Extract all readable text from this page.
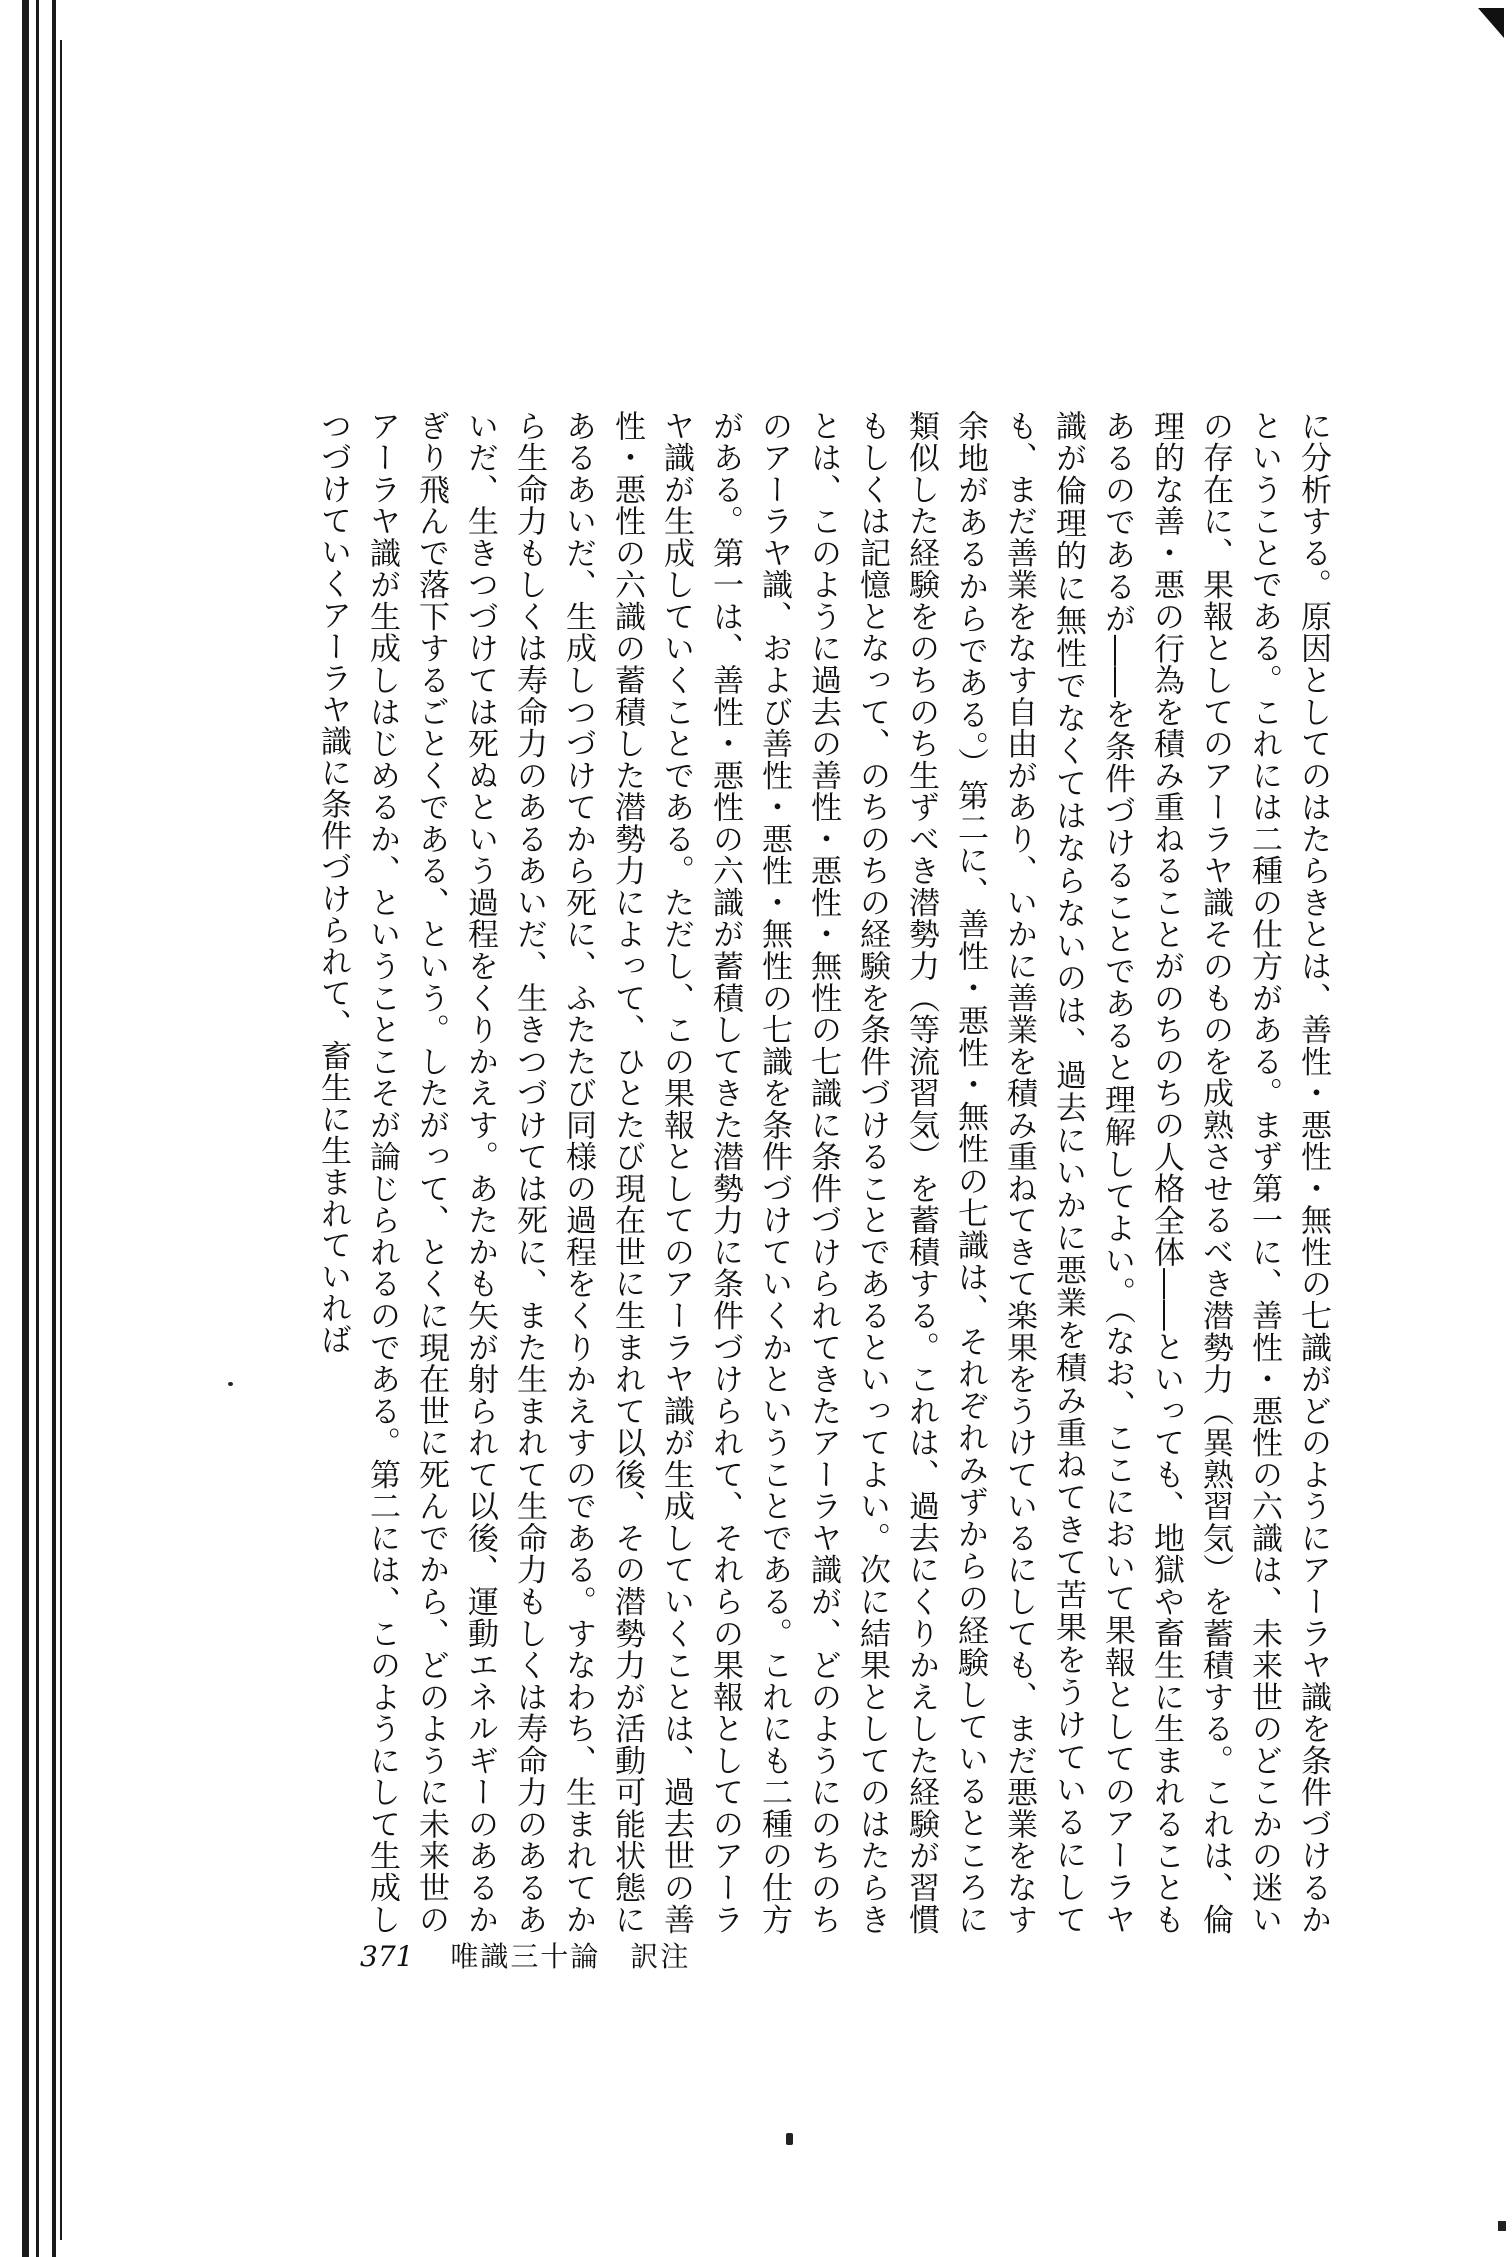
に分析する。原因としてのはたらきとは、善性・悪性・無性の七識がどのようにアーラヤ識を条件づけるかということである。これには二種の仕方がある。まず第一に、善性・悪性の六識は、未来世のどこかの迷いの存在に、果報としてのアーラヤ識そのものを成熟させるべき潜勢力（異熟習気）を蓄積する。これは、倫理的な善・悪の行為を積み重ねることがのちのちの人格全体――といっても、地獄や畜生に生まれることもあるのであるが――を条件づけることであると理解してよい。（なお、ここにおいて果報としてのアーラヤ識が倫理的に無性でなくてはならないのは、過去にいかに悪業を積み重ねてきて苦果をうけているにしても、まだ善業をなす自由があり、いかに善業を積み重ねてきて楽果をうけているにしても、まだ悪業をなす余地があるからである。）第二に、善性・悪性・無性の七識は、それぞれみずからの経験しているところに類似した経験をのちのち生ずべき潜勢力（等流習気）を蓄積する。これは、過去にくりかえした経験が習慣もしくは記憶となって、のちのちの経験を条件づけることであるといってよい。次に結果としてのはたらきとは、このように過去の善性・悪性・無性の七識に条件づけられてきたアーラヤ識が、どのようにのちのちのアーラヤ識、および善性・悪性・無性の七識を条件づけていくかということである。これにも二種の仕方がある。第一は、善性・悪性の六識が蓄積してきた潜勢力に条件づけられて、それらの果報としてのアーラヤ識が生成していくことである。ただし、この果報としてのアーラヤ識が生成していくことは、過去世の善性・悪性の六識の蓄積した潜勢力によって、ひとたび現在世に生まれて以後、その潜勢力が活動可能状態にあるあいだ、生成しつづけてから死に、ふたたび同様の過程をくりかえすのである。すなわち、生まれてから生命力もしくは寿命力のあるあいだ、生きつづけては死に、また生まれて生命力もしくは寿命力のあるあいだ、生きつづけては死ぬという過程をくりかえす。あたかも矢が射られて以後、運動エネルギーのあるかぎり飛んで落下するごとくである、という。したがって、とくに現在世に死んでから、どのように未来世のアーラヤ識が生成しはじめるか、ということこそが論じられるのである。第二には、このようにして生成しつづけていくアーラヤ識に条件づけられて、畜生に生まれていれば

371 唯識三十論　訳注
